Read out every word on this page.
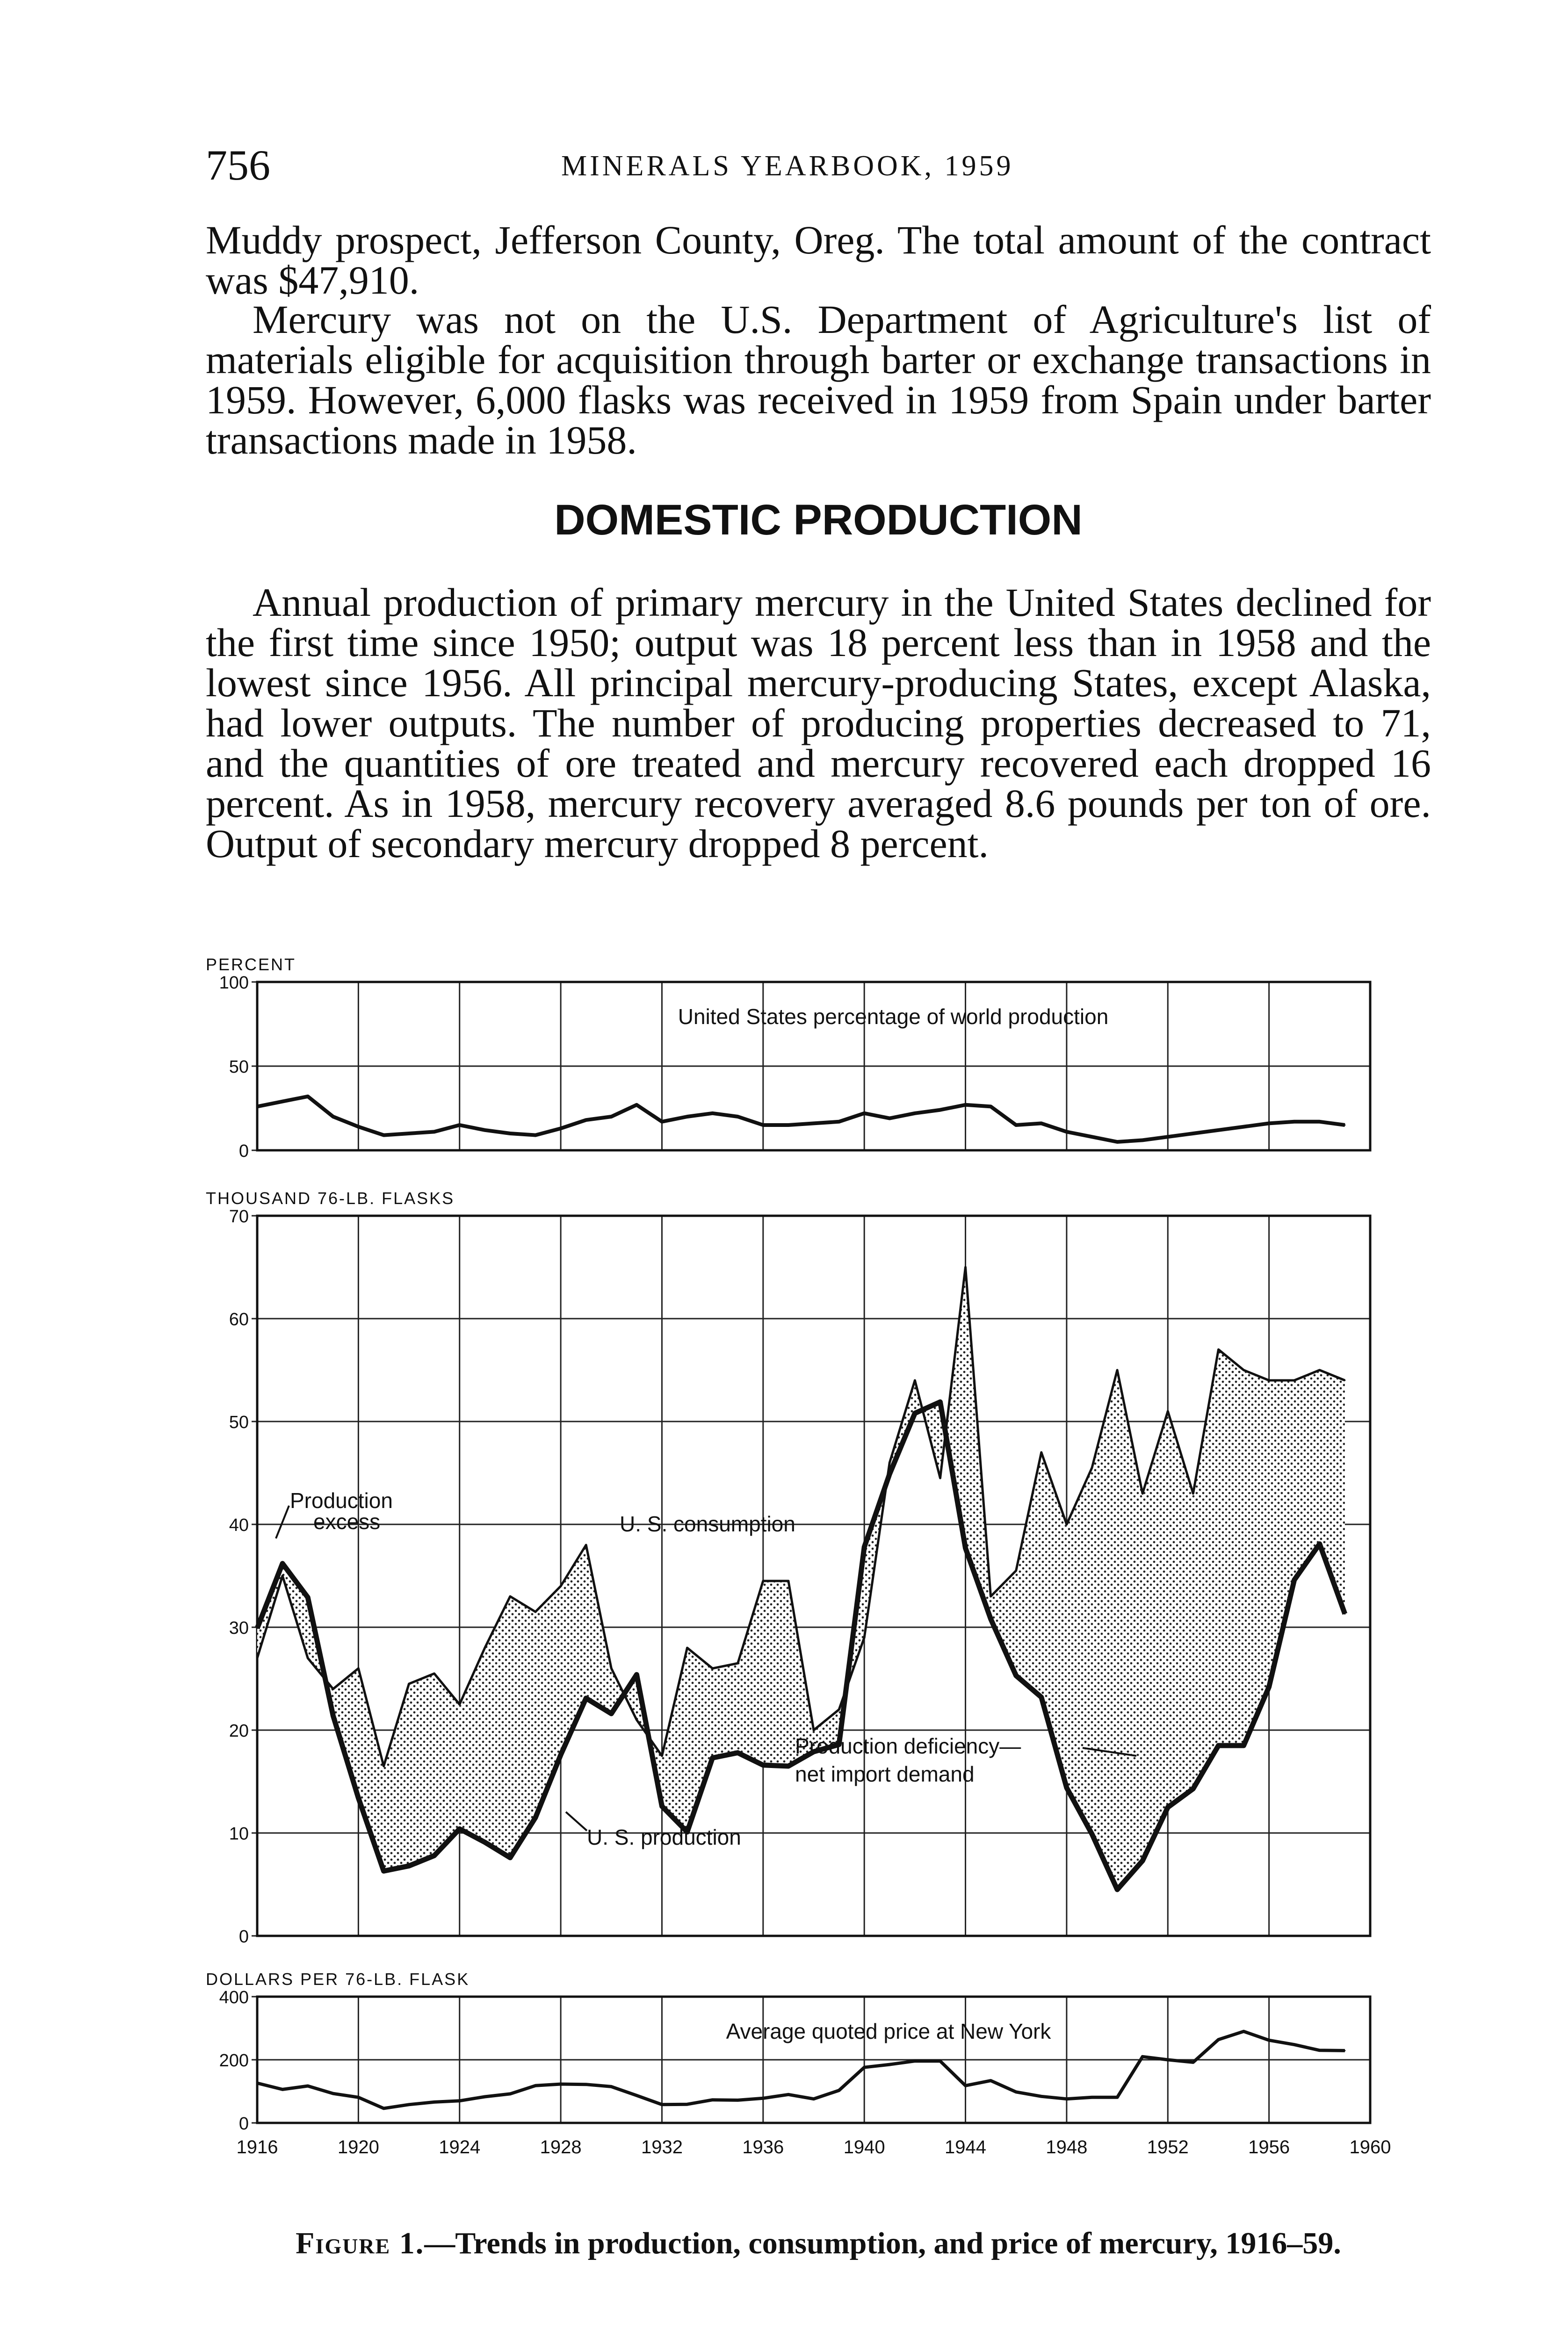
756	MINERALS YEARBOOK, 1959

Muddy prospect, Jefferson County, Oreg. The total amount of the contract was $47,910.

Mercury was not on the U.S. Department of Agriculture's list of materials eligible for acquisition through barter or exchange transactions in 1959. However, 6,000 flasks was received in 1959 from Spain under barter transactions made in 1958.

DOMESTIC PRODUCTION

Annual production of primary mercury in the United States declined for the first time since 1950; output was 18 percent less than in 1958 and the lowest since 1956. All principal mercury-producing States, except Alaska, had lower outputs. The number of producing properties decreased to 71, and the quantities of ore treated and mercury recovered each dropped 16 percent. As in 1958, mercury recovery averaged 8.6 pounds per ton of ore. Output of secondary mercury dropped 8 percent.

PERCENT
0
50
100
United States percentage of world production
THOUSAND 76-LB. FLASKS
0
10
20
30
40
50
60
70
Production
excess	U. S. consumption
Production deficiency—
net import demand
U. S. production
DOLLARS PER 76-LB. FLASK
0
200
400
Average quoted price at New York
1916	1920	1924	1928	1932	1936	1940	1944	1948	1952	1956	1960

Figure 1.—Trends in production, consumption, and price of mercury, 1916–59.
